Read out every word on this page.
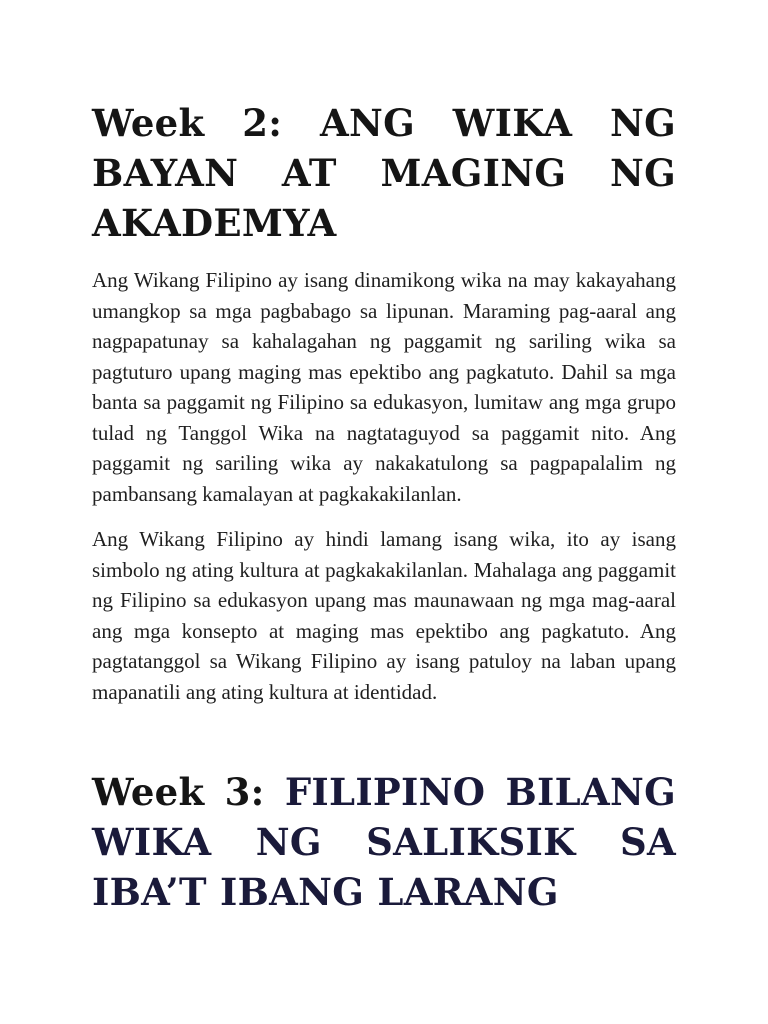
Week 2: ANG WIKA NG BAYAN AT MAGING NG AKADEMYA

Ang Wikang Filipino ay isang dinamikong wika na may kakayahang umangkop sa mga pagbabago sa lipunan. Maraming pag-aaral ang nagpapatunay sa kahalagahan ng paggamit ng sariling wika sa pagtuturo upang maging mas epektibo ang pagkatuto. Dahil sa mga banta sa paggamit ng Filipino sa edukasyon, lumitaw ang mga grupo tulad ng Tanggol Wika na nagtataguyod sa paggamit nito. Ang paggamit ng sariling wika ay nakakatulong sa pagpapalalim ng pambansang kamalayan at pagkakakilanlan.

Ang Wikang Filipino ay hindi lamang isang wika, ito ay isang simbolo ng ating kultura at pagkakakilanlan. Mahalaga ang paggamit ng Filipino sa edukasyon upang mas maunawaan ng mga mag-aaral ang mga konsepto at maging mas epektibo ang pagkatuto. Ang pagtatanggol sa Wikang Filipino ay isang patuloy na laban upang mapanatili ang ating kultura at identidad.

Week 3: FILIPINO BILANG WIKA NG SALIKSIK SA IBA’T IBANG LARANG
